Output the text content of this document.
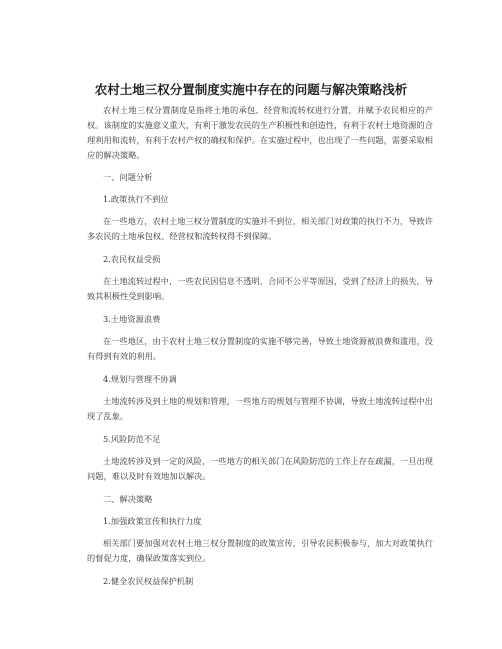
农村土地三权分置制度实施中存在的问题与解决策略浅析

农村土地三权分置制度是指将土地的承包、经营和流转权进行分置，并赋予农民相应的产权。该制度的实施意义重大，有利于激发农民的生产积极性和创造性，有利于农村土地资源的合理利用和流转，有利于农村产权的确权和保护。在实施过程中，也出现了一些问题，需要采取相应的解决策略。

一、问题分析
1.政策执行不到位

在一些地方，农村土地三权分置制度的实施并不到位，相关部门对政策的执行不力，导致许多农民的土地承包权、经营权和流转权得不到保障。

2.农民权益受损

在土地流转过程中，一些农民因信息不透明、合同不公平等原因，受到了经济上的损失，导致其积极性受到影响。

3.土地资源浪费

在一些地区，由于农村土地三权分置制度的实施不够完善，导致土地资源被浪费和滥用，没有得到有效的利用。

4.规划与管理不协调

土地流转涉及到土地的规划和管理，一些地方的规划与管理不协调，导致土地流转过程中出现了乱象。

5.风险防范不足

土地流转涉及到一定的风险，一些地方的相关部门在风险防范的工作上存在疏漏，一旦出现问题，难以及时有效地加以解决。

二、解决策略
1.加强政策宣传和执行力度

相关部门要加强对农村土地三权分置制度的政策宣传，引导农民积极参与，加大对政策执行的督促力度，确保政策落实到位。

2.健全农民权益保护机制
